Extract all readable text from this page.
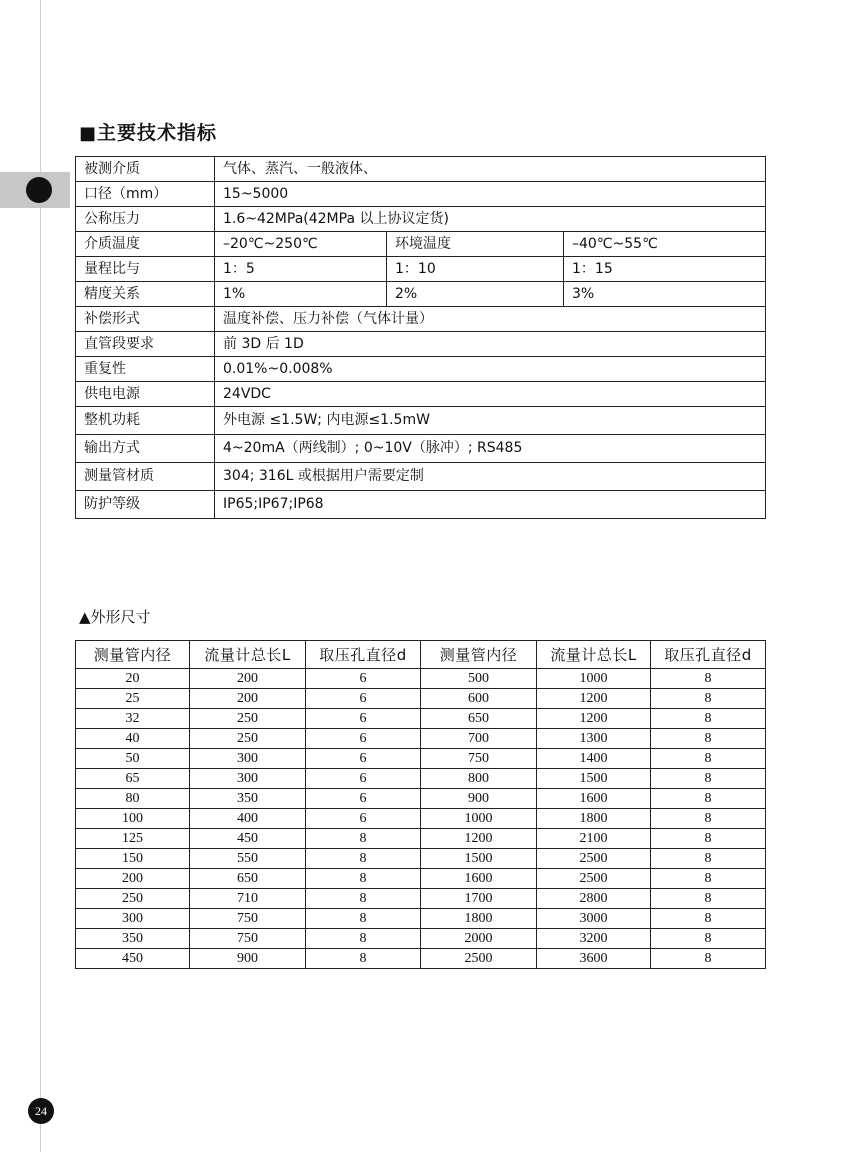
■主要技术指标
被测介质	气体、蒸汽、一般液体、		
口径（mm）	15~5000		
公称压力	1.6~42MPa(42MPa 以上协议定货)		
介质温度	–20℃~250℃	环境温度	–40℃~55℃
量程比与	1：5	1：10	1：15
精度关系	1%	2%	3%
补偿形式	温度补偿、压力补偿（气体计量）		
直管段要求	前 3D 后 1D		
重复性	0.01%~0.008%		
供电电源	24VDC		
整机功耗	外电源 ≤1.5W; 内电源≤1.5mW		
输出方式	4~20mA（两线制）; 0~10V（脉冲）; RS485		
测量管材质	304; 316L 或根据用户需要定制		
防护等级	IP65;IP67;IP68		
▲外形尺寸
测量管内径	流量计总长L	取压孔直径d	测量管内径	流量计总长L	取压孔直径d
20	200	6	500	1000	8
25	200	6	600	1200	8
32	250	6	650	1200	8
40	250	6	700	1300	8
50	300	6	750	1400	8
65	300	6	800	1500	8
80	350	6	900	1600	8
100	400	6	1000	1800	8
125	450	8	1200	2100	8
150	550	8	1500	2500	8
200	650	8	1600	2500	8
250	710	8	1700	2800	8
300	750	8	1800	3000	8
350	750	8	2000	3200	8
450	900	8	2500	3600	8
24
